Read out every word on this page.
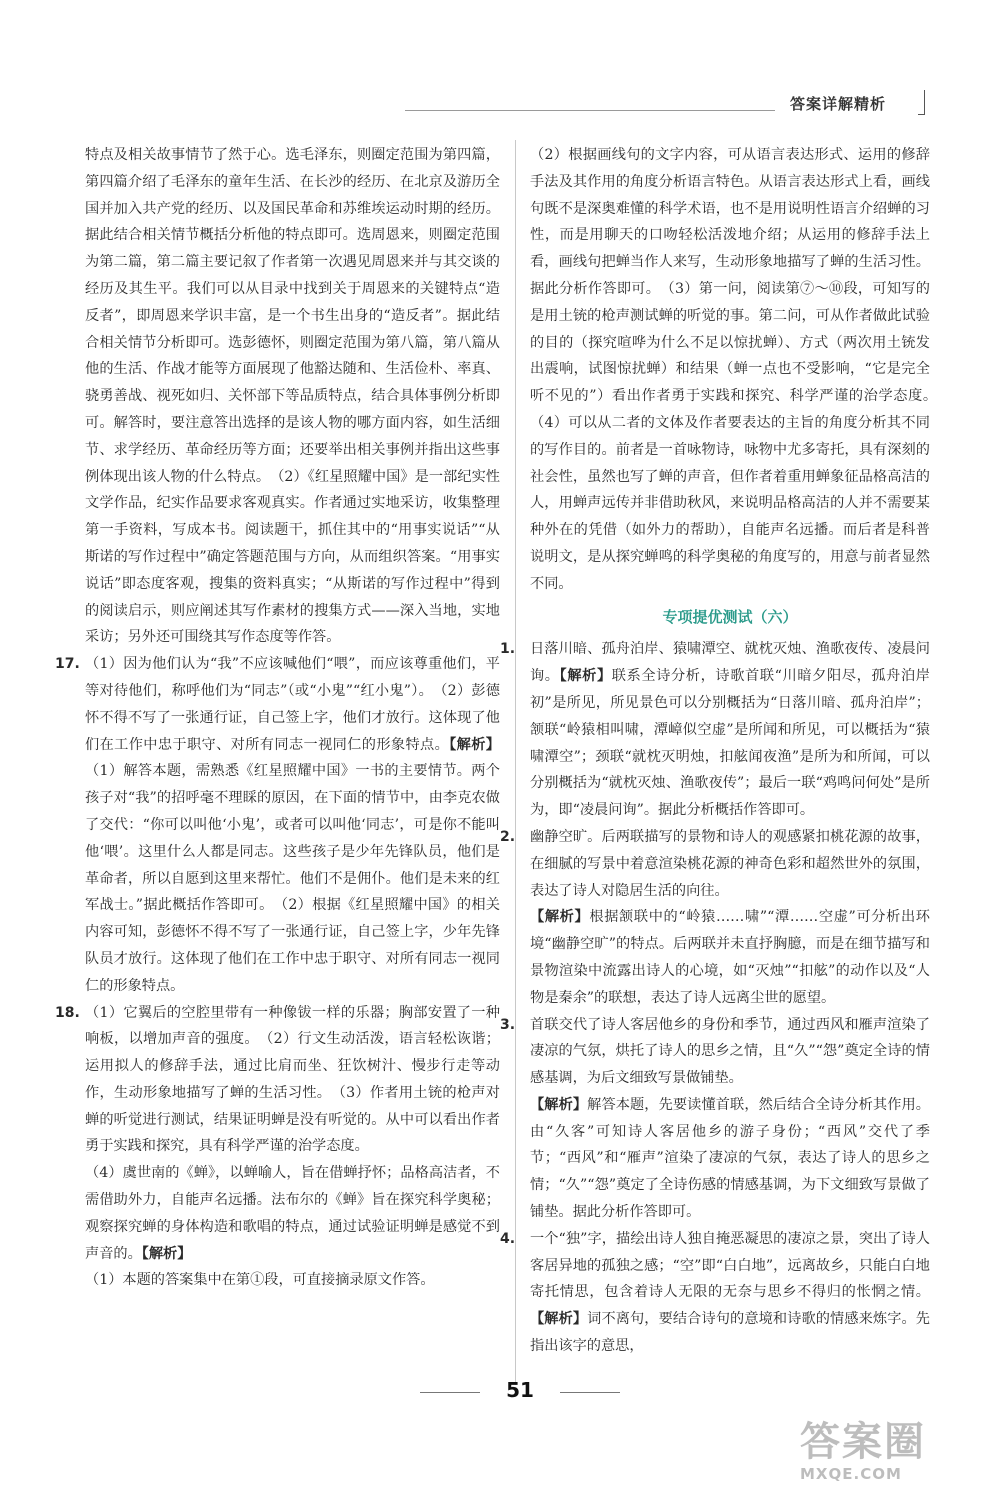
答案详解精析

特点及相关故事情节了然于心。选毛泽东，则圈定范围为第四篇，第四篇介绍了毛泽东的童年生活、在长沙的经历、在北京及游历全国并加入共产党的经历、以及国民革命和苏维埃运动时期的经历。据此结合相关情节概括分析他的特点即可。选周恩来，则圈定范围为第二篇，第二篇主要记叙了作者第一次遇见周恩来并与其交谈的经历及其生平。我们可以从目录中找到关于周恩来的关键特点“造反者”，即周恩来学识丰富，是一个书生出身的“造反者”。据此结合相关情节分析即可。选彭德怀，则圈定范围为第八篇，第八篇从他的生活、作战才能等方面展现了他豁达随和、生活俭朴、率真、骁勇善战、视死如归、关怀部下等品质特点，结合具体事例分析即可。解答时，要注意答出选择的是该人物的哪方面内容，如生活细节、求学经历、革命经历等方面；还要举出相关事例并指出这些事例体现出该人物的什么特点。　（2）《红星照耀中国》是一部纪实性文学作品，纪实作品要求客观真实。作者通过实地采访，收集整理第一手资料，写成本书。阅读题干，抓住其中的“用事实说话”“从斯诺的写作过程中”确定答题范围与方向，从而组织答案。“用事实说话”即态度客观，搜集的资料真实；“从斯诺的写作过程中”得到的阅读启示，则应阐述其写作素材的搜集方式——深入当地，实地采访；另外还可围绕其写作态度等作答。

17. （1）因为他们认为“我”不应该喊他们“喂”，而应该尊重他们，平等对待他们，称呼他们为“同志”（或“小鬼”“红小鬼”）。　（2）彭德怀不得不写了一张通行证，自己签上字，他们才放行。这体现了他们在工作中忠于职守、对所有同志一视同仁的形象特点。【解析】（1）解答本题，需熟悉《红星照耀中国》一书的主要情节。两个孩子对“我”的招呼毫不理睬的原因，在下面的情节中，由李克农做了交代：“你可以叫他‘小鬼’，或者可以叫他‘同志’，可是你不能叫他‘喂’。这里什么人都是同志。这些孩子是少年先锋队员，他们是革命者，所以自愿到这里来帮忙。他们不是佣仆。他们是未来的红军战士。”据此概括作答即可。　（2）根据《红星照耀中国》的相关内容可知，彭德怀不得不写了一张通行证，自己签上字，少年先锋队员才放行。这体现了他们在工作中忠于职守、对所有同志一视同仁的形象特点。

18. （1）它翼后的空腔里带有一种像钹一样的乐器；胸部安置了一种响板，以增加声音的强度。　（2）行文生动活泼，语言轻松诙谐；运用拟人的修辞手法，通过比肩而坐、狂饮树汁、慢步行走等动作，生动形象地描写了蝉的生活习性。　（3）作者用土铳的枪声对蝉的听觉进行测试，结果证明蝉是没有听觉的。从中可以看出作者勇于实践和探究，具有科学严谨的治学态度。

（4）虞世南的《蝉》，以蝉喻人，旨在借蝉抒怀；品格高洁者，不需借助外力，自能声名远播。法布尔的《蝉》旨在探究科学奥秘；观察探究蝉的身体构造和歌唱的特点，通过试验证明蝉是感觉不到声音的。【解析】

（1）本题的答案集中在第①段，可直接摘录原文作答。

（2）根据画线句的文字内容，可从语言表达形式、运用的修辞手法及其作用的角度分析语言特色。从语言表达形式上看，画线句既不是深奥难懂的科学术语，也不是用说明性语言介绍蝉的习性，而是用聊天的口吻轻松活泼地介绍；从运用的修辞手法上看，画线句把蝉当作人来写，生动形象地描写了蝉的生活习性。据此分析作答即可。　（3）第一问，阅读第⑦～⑩段，可知写的是用土铳的枪声测试蝉的听觉的事。第二问，可从作者做此试验的目的（探究喧哗为什么不足以惊扰蝉）、方式（两次用土铳发出震响，试图惊扰蝉）和结果（蝉一点也不受影响，“它是完全听不见的”）看出作者勇于实践和探究、科学严谨的治学态度。　（4）可以从二者的文体及作者要表达的主旨的角度分析其不同的写作目的。前者是一首咏物诗，咏物中尤多寄托，具有深刻的社会性，虽然也写了蝉的声音，但作者着重用蝉象征品格高洁的人，用蝉声远传并非借助秋风，来说明品格高洁的人并不需要某种外在的凭借（如外力的帮助），自能声名远播。而后者是科普说明文，是从探究蝉鸣的科学奥秘的角度写的，用意与前者显然不同。

专项提优测试（六）
1. 日落川暗、孤舟泊岸、猿啸潭空、就枕灭烛、渔歌夜传、凌晨问询。【解析】联系全诗分析，诗歌首联“川暗夕阳尽，孤舟泊岸初”是所见，所见景色可以分别概括为“日落川暗、孤舟泊岸”；颔联“岭猿相叫啸，潭嶂似空虚”是所闻和所见，可以概括为“猿啸潭空”；颈联“就枕灭明烛，扣舷闻夜渔”是所为和所闻，可以分别概括为“就枕灭烛、渔歌夜传”；最后一联“鸡鸣问何处”是所为，即“凌晨问询”。据此分析概括作答即可。

2. 幽静空旷。后两联描写的景物和诗人的观感紧扣桃花源的故事，在细腻的写景中着意渲染桃花源的神奇色彩和超然世外的氛围，表达了诗人对隐居生活的向往。

【解析】根据颔联中的“岭猿……啸”“潭……空虚”可分析出环境“幽静空旷”的特点。后两联并未直抒胸臆，而是在细节描写和景物渲染中流露出诗人的心境，如“灭烛”“扣舷”的动作以及“人物是秦余”的联想，表达了诗人远离尘世的愿望。

3. 首联交代了诗人客居他乡的身份和季节，通过西风和雁声渲染了凄凉的气氛，烘托了诗人的思乡之情，且“久”“怨”奠定全诗的情感基调，为后文细致写景做铺垫。

【解析】解答本题，先要读懂首联，然后结合全诗分析其作用。由“久客”可知诗人客居他乡的游子身份；“西风”交代了季节；“西风”和“雁声”渲染了凄凉的气氛，表达了诗人的思乡之情；“久”“怨”奠定了全诗伤感的情感基调，为下文细致写景做了铺垫。据此分析作答即可。

4. 一个“独”字，描绘出诗人独自掩恶凝思的凄凉之景，突出了诗人客居异地的孤独之感；“空”即“白白地”，远离故乡，只能白白地寄托情思，包含着诗人无限的无奈与思乡不得归的怅惘之情。【解析】词不离句，要结合诗句的意境和诗歌的情感来炼字。先指出该字的意思，

51
答案圈
MXQE.COM
